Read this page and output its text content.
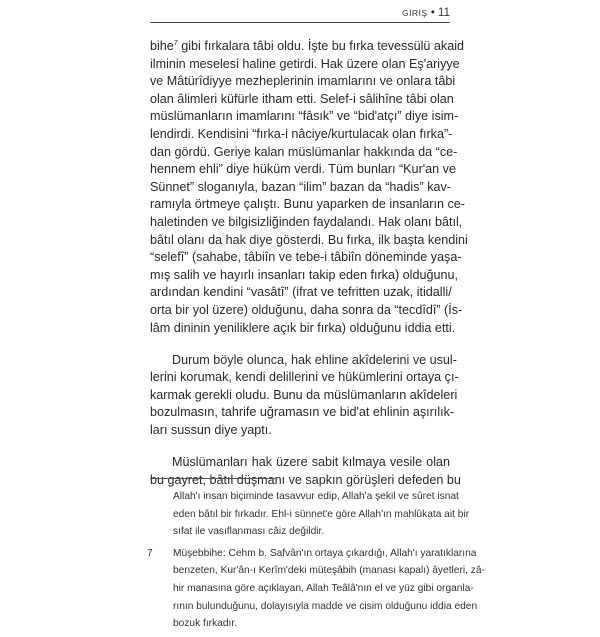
GİRİŞ • 11
bihe$^7$ gibi fırkalara tâbi oldu. İşte bu fırka tevessülü akaid
ilminin meselesi haline getirdi. Hak üzere olan Eş'ariyye
ve Mâtürîdiyye mezheplerinin imamlarını ve onlara tâbi
olan âlimleri küfürle itham etti. Selef-i sâlihîne tâbi olan
müslümanların imamlarını “fâsık” ve “bid'atçı” diye isim-
lendirdi. Kendisini “fırka-i nâciye/kurtulacak olan fırka”-
dan gördü. Geriye kalan müslümanlar hakkında da “ce-
hennem ehli” diye hüküm verdi. Tüm bunları “Kur'an ve
Sünnet” sloganıyla, bazan “ilim” bazan da “hadis” kav-
ramıyla örtmeye çalıştı. Bunu yaparken de insanların ce-
haletinden ve bilgisizliğinden faydalandı. Hak olanı bâtıl,
bâtıl olanı da hak diye gösterdi. Bu fırka, ilk başta kendini
“selefî” (sahabe, tâbiîn ve tebe-i tâbiîn döneminde yaşa-
mış salih ve hayırlı insanları takip eden fırka) olduğunu,
ardından kendini “vasâtî” (ifrat ve tefritten uzak, itidalli/
orta bir yol üzere) olduğunu, daha sonra da “tecdîdî” (İs-
lâm dininin yeniliklere açık bir fırka) olduğunu iddia etti.
Durum böyle olunca, hak ehline akîdelerini ve usul-
lerini korumak, kendi delillerini ve hükümlerini ortaya çı-
karmak gerekli oludu. Bunu da müslümanların akîdeleri
bozulmasın, tahrife uğramasın ve bid'at ehlinin aşırılık-
ları sussun diye yaptı.
Müslümanları hak üzere sabit kılmaya vesile olan
bu gayret, bâtıl düşmanı ve sapkın görüşleri defeden bu
Allah'ı insan biçiminde tasavvur edip, Allah'a şekil ve sûret isnat
eden bâtıl bir fırkadır. Ehl-i sünnet'e göre Allah'ın mahlûkata ait bir
sıfat ile vasıflanması câiz değildir.
7 Müşebbihe: Cehm b. Safvân'ın ortaya çıkardığı, Allah'ı yaratıklarına
benzeten, Kur'ân-ı Kerîm'deki müteşâbih (manası kapalı) âyetleri, zâ-
hir manasına göre açıklayan, Allah Teâlâ'nın el ve yüz gibi organla-
rının bulunduğunu, dolayısıyla madde ve cisim olduğunu iddia eden
bozuk fırkadır.
